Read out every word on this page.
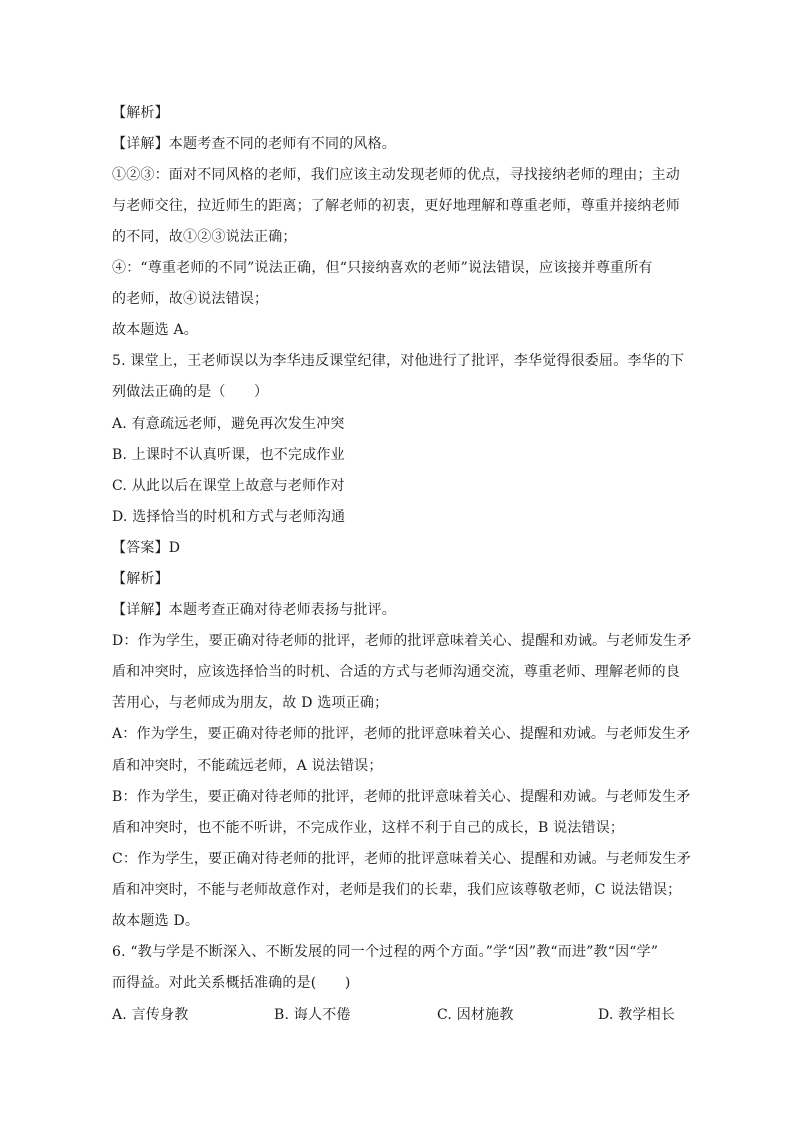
【解析】
【详解】本题考查不同的老师有不同的风格。
①②③：面对不同风格的老师，我们应该主动发现老师的优点，寻找接纳老师的理由；主动
与老师交往，拉近师生的距离；了解老师的初衷，更好地理解和尊重老师，尊重并接纳老师
的不同，故①②③说法正确；
④：“尊重老师的不同”说法正确，但“只接纳喜欢的老师”说法错误，应该接并尊重所有
的老师，故④说法错误；
故本题选 A。
5. 课堂上，王老师误以为李华违反课堂纪律，对他进行了批评，李华觉得很委屈。李华的下
列做法正确的是（　　）
A. 有意疏远老师，避免再次发生冲突
B. 上课时不认真听课，也不完成作业
C. 从此以后在课堂上故意与老师作对
D. 选择恰当的时机和方式与老师沟通
【答案】D
【解析】
【详解】本题考查正确对待老师表扬与批评。
D：作为学生，要正确对待老师的批评，老师的批评意味着关心、提醒和劝诫。与老师发生矛
盾和冲突时，应该选择恰当的时机、合适的方式与老师沟通交流，尊重老师、理解老师的良
苦用心，与老师成为朋友，故 D 选项正确；
A：作为学生，要正确对待老师的批评，老师的批评意味着关心、提醒和劝诫。与老师发生矛
盾和冲突时，不能疏远老师，A 说法错误；
B：作为学生，要正确对待老师的批评，老师的批评意味着关心、提醒和劝诫。与老师发生矛
盾和冲突时，也不能不听讲，不完成作业，这样不利于自己的成长，B 说法错误；
C：作为学生，要正确对待老师的批评，老师的批评意味着关心、提醒和劝诫。与老师发生矛
盾和冲突时，不能与老师故意作对，老师是我们的长辈，我们应该尊敬老师，C 说法错误；
故本题选 D。
6. “教与学是不断深入、不断发展的同一个过程的两个方面。”学“因”教“而进”教“因“学”
而得益。对此关系概括准确的是(　　)
A. 言传身教	B. 诲人不倦	C. 因材施教	D. 教学相长
